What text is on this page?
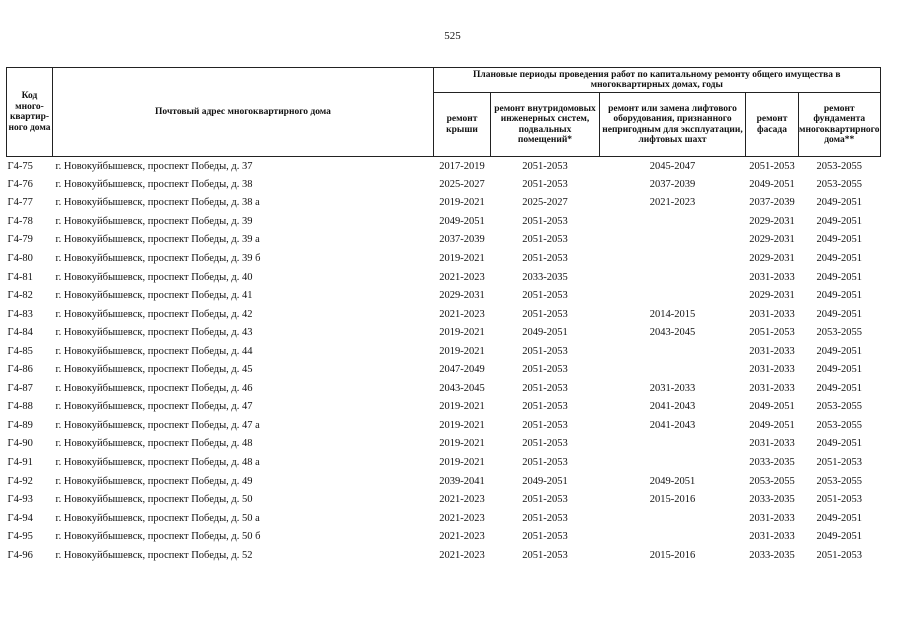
525
Код много-квартир-ного дома	Почтовый адрес многоквартирного дома	Плановые периоды проведения работ по капитальному ремонту общего имущества в многоквартирных домах, годы				
		ремонт крыши	ремонт внутридомовых инженерных систем, подвальных помещений*	ремонт или замена лифтового оборудования, признанного непригодным для эксплуатации, лифтовых шахт	ремонт фасада	ремонт фундамента многоквартирного дома**
Г4-75	г. Новокуйбышевск, проспект Победы, д. 37	2017-2019	2051-2053	2045-2047	2051-2053	2053-2055
Г4-76	г. Новокуйбышевск, проспект Победы, д. 38	2025-2027	2051-2053	2037-2039	2049-2051	2053-2055
Г4-77	г. Новокуйбышевск, проспект Победы, д. 38 а	2019-2021	2025-2027	2021-2023	2037-2039	2049-2051
Г4-78	г. Новокуйбышевск, проспект Победы, д. 39	2049-2051	2051-2053		2029-2031	2049-2051
Г4-79	г. Новокуйбышевск, проспект Победы, д. 39 а	2037-2039	2051-2053		2029-2031	2049-2051
Г4-80	г. Новокуйбышевск, проспект Победы, д. 39 б	2019-2021	2051-2053		2029-2031	2049-2051
Г4-81	г. Новокуйбышевск, проспект Победы, д. 40	2021-2023	2033-2035		2031-2033	2049-2051
Г4-82	г. Новокуйбышевск, проспект Победы, д. 41	2029-2031	2051-2053		2029-2031	2049-2051
Г4-83	г. Новокуйбышевск, проспект Победы, д. 42	2021-2023	2051-2053	2014-2015	2031-2033	2049-2051
Г4-84	г. Новокуйбышевск, проспект Победы, д. 43	2019-2021	2049-2051	2043-2045	2051-2053	2053-2055
Г4-85	г. Новокуйбышевск, проспект Победы, д. 44	2019-2021	2051-2053		2031-2033	2049-2051
Г4-86	г. Новокуйбышевск, проспект Победы, д. 45	2047-2049	2051-2053		2031-2033	2049-2051
Г4-87	г. Новокуйбышевск, проспект Победы, д. 46	2043-2045	2051-2053	2031-2033	2031-2033	2049-2051
Г4-88	г. Новокуйбышевск, проспект Победы, д. 47	2019-2021	2051-2053	2041-2043	2049-2051	2053-2055
Г4-89	г. Новокуйбышевск, проспект Победы, д. 47 а	2019-2021	2051-2053	2041-2043	2049-2051	2053-2055
Г4-90	г. Новокуйбышевск, проспект Победы, д. 48	2019-2021	2051-2053		2031-2033	2049-2051
Г4-91	г. Новокуйбышевск, проспект Победы, д. 48 а	2019-2021	2051-2053		2033-2035	2051-2053
Г4-92	г. Новокуйбышевск, проспект Победы, д. 49	2039-2041	2049-2051	2049-2051	2053-2055	2053-2055
Г4-93	г. Новокуйбышевск, проспект Победы, д. 50	2021-2023	2051-2053	2015-2016	2033-2035	2051-2053
Г4-94	г. Новокуйбышевск, проспект Победы, д. 50 а	2021-2023	2051-2053		2031-2033	2049-2051
Г4-95	г. Новокуйбышевск, проспект Победы, д. 50 б	2021-2023	2051-2053		2031-2033	2049-2051
Г4-96	г. Новокуйбышевск, проспект Победы, д. 52	2021-2023	2051-2053	2015-2016	2033-2035	2051-2053
